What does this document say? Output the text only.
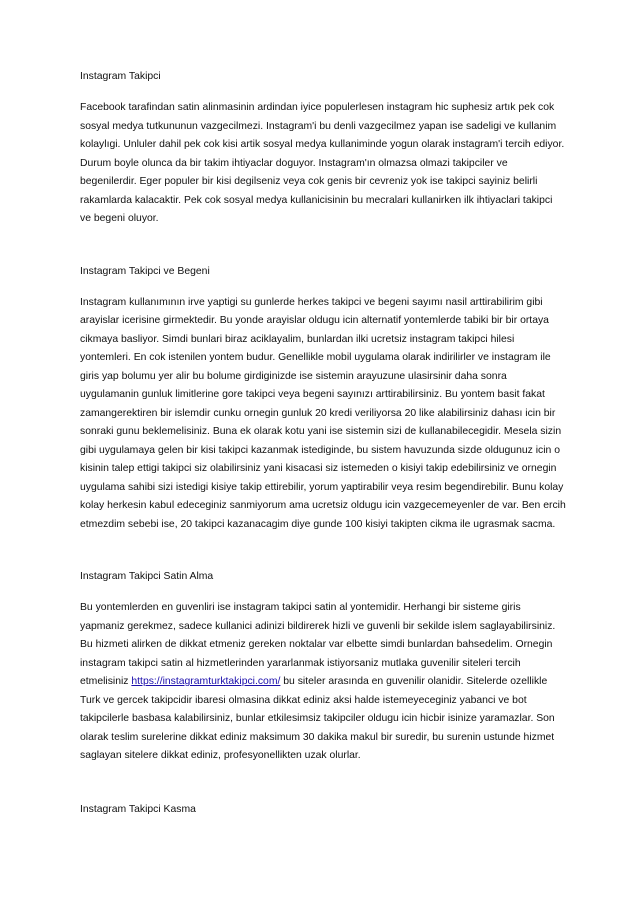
Instagram Takipci

Facebook tarafindan satin alinmasinin ardindan iyice populerlesen instagram hic suphesiz artık pek cok sosyal medya tutkununun vazgecilmezi. Instagram'i bu denli vazgecilmez yapan ise sadeligi ve kullanim kolaylıgi. Unluler dahil pek cok kisi artik sosyal medya kullaniminde yogun olarak instagram'i tercih ediyor. Durum boyle olunca da bir takim ihtiyaclar doguyor. Instagram'ın olmazsa olmazi takipciler ve begenilerdir. Eger populer bir kisi degilseniz veya cok genis bir cevreniz yok ise takipci sayiniz belirli rakamlarda kalacaktir. Pek cok sosyal medya kullanicisinin bu mecralari kullanirken ilk ihtiyaclari takipci ve begeni oluyor.

Instagram Takipci ve Begeni

Instagram kullanımının irve yaptigi su gunlerde herkes takipci ve begeni sayımı nasil arttirabilirim gibi arayislar icerisine girmektedir. Bu yonde arayislar oldugu icin alternatif yontemlerde tabiki bir bir ortaya cikmaya basliyor. Simdi bunlari biraz aciklayalim, bunlardan ilki ucretsiz instagram takipci hilesi yontemleri. En cok istenilen yontem budur. Genellikle mobil uygulama olarak indirilirler ve instagram ile giris yap bolumu yer alir bu bolume girdiginizde ise sistemin arayuzune ulasirsinir daha sonra uygulamanin gunluk limitlerine gore takipci veya begeni sayınızı arttirabilirsiniz. Bu yontem basit fakat zamangerektiren bir islemdir cunku ornegin gunluk 20 kredi veriliyorsa 20 like alabilirsiniz dahası icin bir sonraki gunu beklemelisiniz. Buna ek olarak kotu yani ise sistemin sizi de kullanabilecegidir. Mesela sizin gibi uygulamaya gelen bir kisi takipci kazanmak istediginde, bu sistem havuzunda sizde oldugunuz icin o kisinin talep ettigi takipci siz olabilirsiniz yani kisacasi siz istemeden o kisiyi takip edebilirsiniz ve ornegin uygulama sahibi sizi istedigi kisiye takip ettirebilir, yorum yaptirabilir veya resim begendirebilir. Bunu kolay kolay herkesin kabul edeceginiz sanmiyorum ama ucretsiz oldugu icin vazgecemeyenler de var. Ben ercih etmezdim sebebi ise, 20 takipci kazanacagim diye gunde 100 kisiyi takipten cikma ile ugrasmak sacma.

Instagram Takipci Satin Alma

Bu yontemlerden en guvenliri ise instagram takipci satin al yontemidir. Herhangi bir sisteme giris yapmaniz gerekmez, sadece kullanici adinizi bildirerek hizli ve guvenli bir sekilde islem saglayabilirsiniz. Bu hizmeti alirken de dikkat etmeniz gereken noktalar var elbette simdi bunlardan bahsedelim. Ornegin instagram takipci satin al hizmetlerinden yararlanmak istiyorsaniz mutlaka guvenilir siteleri tercih etmelisiniz https://instagramturktakipci.com/ bu siteler arasında en guvenilir olanidir. Sitelerde ozellikle Turk ve gercek takipcidir ibaresi olmasina dikkat ediniz aksi halde istemeyeceginiz yabanci ve bot takipcilerle basbasa kalabilirsiniz, bunlar etkilesimsiz takipciler oldugu icin hicbir isinize yaramazlar. Son olarak teslim surelerine dikkat ediniz maksimum 30 dakika makul bir suredir, bu surenin ustunde hizmet saglayan sitelere dikkat ediniz, profesyonellikten uzak olurlar.

Instagram Takipci Kasma
